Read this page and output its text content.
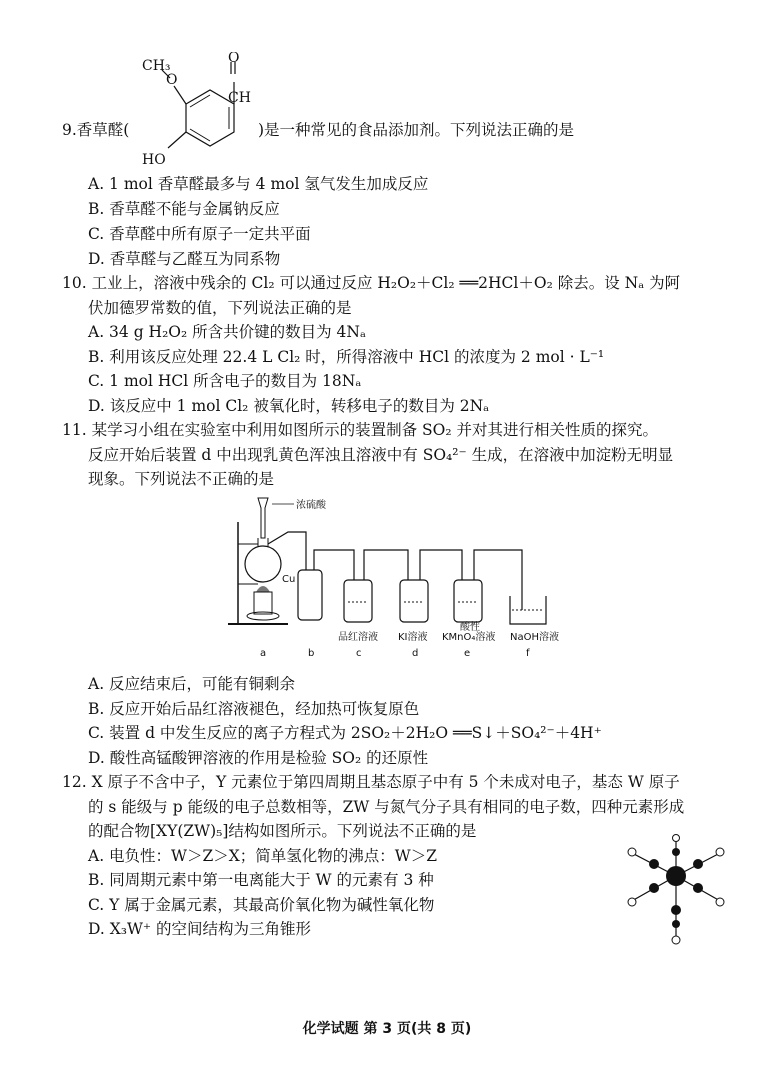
CH₃
O
O
CH
HO
9.香草醛(	)是一种常见的食品添加剂。下列说法正确的是
A. 1 mol 香草醛最多与 4 mol 氢气发生加成反应
B. 香草醛不能与金属钠反应
C. 香草醛中所有原子一定共平面
D. 香草醛与乙醛互为同系物
10. 工业上，溶液中残余的 Cl₂ 可以通过反应 H₂O₂＋Cl₂ ══2HCl＋O₂ 除去。设 Nₐ 为阿
伏加德罗常数的值，下列说法正确的是
A. 34 g H₂O₂ 所含共价键的数目为 4Nₐ
B. 利用该反应处理 22.4 L Cl₂ 时，所得溶液中 HCl 的浓度为 2 mol · L⁻¹
C. 1 mol HCl 所含电子的数目为 18Nₐ
D. 该反应中 1 mol Cl₂ 被氧化时，转移电子的数目为 2Nₐ
11. 某学习小组在实验室中利用如图所示的装置制备 SO₂ 并对其进行相关性质的探究。
反应开始后装置 d 中出现乳黄色浑浊且溶液中有 SO₄²⁻ 生成，在溶液中加淀粉无明显
现象。下列说法不正确的是
浓硫酸
Cu
品红溶液 KI溶液
酸性
KMnO₄溶液 NaOH溶液
a	b	c	d	e	f
A. 反应结束后，可能有铜剩余
B. 反应开始后品红溶液褪色，经加热可恢复原色
C. 装置 d 中发生反应的离子方程式为 2SO₂＋2H₂O ══S↓＋SO₄²⁻＋4H⁺
D. 酸性高锰酸钾溶液的作用是检验 SO₂ 的还原性
12. X 原子不含中子，Y 元素位于第四周期且基态原子中有 5 个未成对电子，基态 W 原子
的 s 能级与 p 能级的电子总数相等，ZW 与氮气分子具有相同的电子数，四种元素形成
的配合物[XY(ZW)₅]结构如图所示。下列说法不正确的是
A. 电负性：W＞Z＞X；简单氢化物的沸点：W＞Z
B. 同周期元素中第一电离能大于 W 的元素有 3 种
C. Y 属于金属元素，其最高价氧化物为碱性氧化物
D. X₃W⁺ 的空间结构为三角锥形
化学试题 第 3 页(共 8 页)
